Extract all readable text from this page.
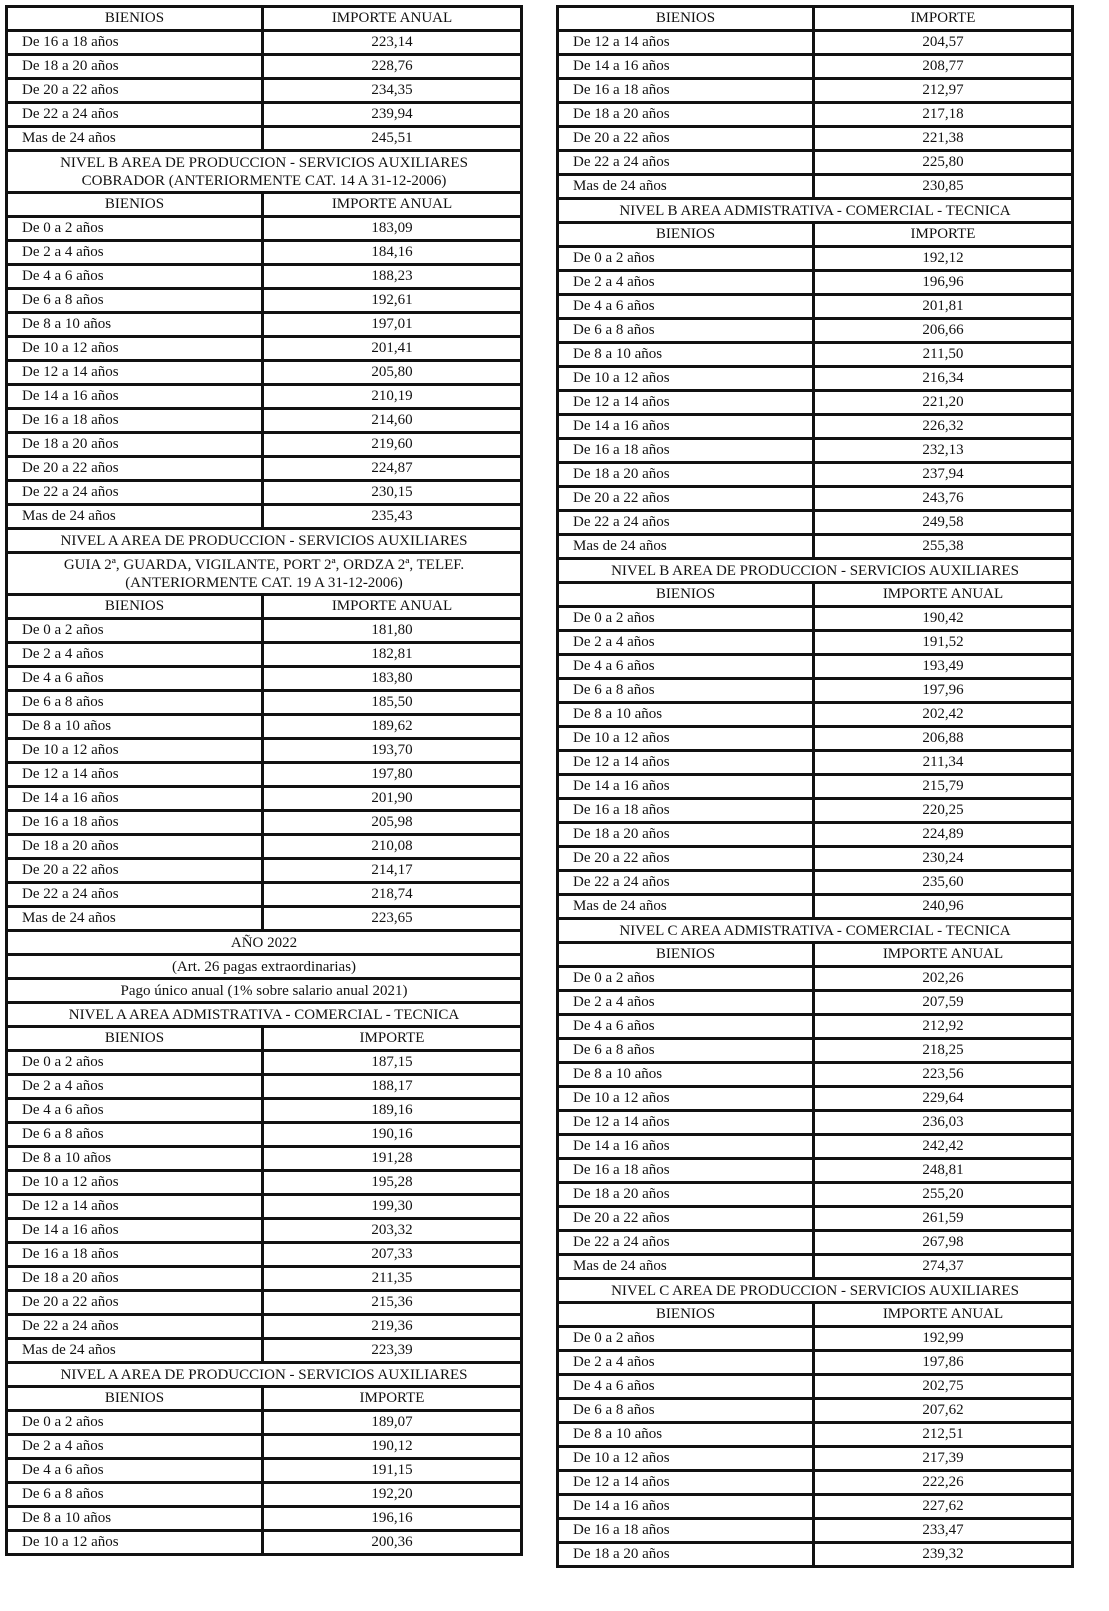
BIENIOS	IMPORTE ANUAL
De 16 a 18 años	223,14
De 18 a 20 años	228,76
De 20 a 22 años	234,35
De 22 a 24 años	239,94
Mas de 24 años	245,51
NIVEL B AREA DE PRODUCCION - SERVICIOS AUXILIARES
COBRADOR (ANTERIORMENTE CAT. 14 A 31-12-2006)
BIENIOS	IMPORTE ANUAL
De 0 a 2 años	183,09
De 2 a 4 años	184,16
De 4 a 6 años	188,23
De 6 a 8 años	192,61
De 8 a 10 años	197,01
De 10 a 12 años	201,41
De 12 a 14 años	205,80
De 14 a 16 años	210,19
De 16 a 18 años	214,60
De 18 a 20 años	219,60
De 20 a 22 años	224,87
De 22 a 24 años	230,15
Mas de 24 años	235,43
NIVEL A AREA DE PRODUCCION - SERVICIOS AUXILIARES
GUIA 2ª, GUARDA, VIGILANTE, PORT 2ª, ORDZA 2ª, TELEF.
(ANTERIORMENTE CAT. 19 A 31-12-2006)
BIENIOS	IMPORTE ANUAL
De 0 a 2 años	181,80
De 2 a 4 años	182,81
De 4 a 6 años	183,80
De 6 a 8 años	185,50
De 8 a 10 años	189,62
De 10 a 12 años	193,70
De 12 a 14 años	197,80
De 14 a 16 años	201,90
De 16 a 18 años	205,98
De 18 a 20 años	210,08
De 20 a 22 años	214,17
De 22 a 24 años	218,74
Mas de 24 años	223,65
AÑO 2022
(Art. 26 pagas extraordinarias)
Pago único anual (1% sobre salario anual 2021)
NIVEL A AREA ADMISTRATIVA - COMERCIAL - TECNICA
BIENIOS	IMPORTE
De 0 a 2 años	187,15
De 2 a 4 años	188,17
De 4 a 6 años	189,16
De 6 a 8 años	190,16
De 8 a 10 años	191,28
De 10 a 12 años	195,28
De 12 a 14 años	199,30
De 14 a 16 años	203,32
De 16 a 18 años	207,33
De 18 a 20 años	211,35
De 20 a 22 años	215,36
De 22 a 24 años	219,36
Mas de 24 años	223,39
NIVEL A AREA DE PRODUCCION - SERVICIOS AUXILIARES
BIENIOS	IMPORTE
De 0 a 2 años	189,07
De 2 a 4 años	190,12
De 4 a 6 años	191,15
De 6 a 8 años	192,20
De 8 a 10 años	196,16
De 10 a 12 años	200,36
BIENIOS	IMPORTE
De 12 a 14 años	204,57
De 14 a 16 años	208,77
De 16 a 18 años	212,97
De 18 a 20 años	217,18
De 20 a 22 años	221,38
De 22 a 24 años	225,80
Mas de 24 años	230,85
NIVEL B AREA ADMISTRATIVA - COMERCIAL - TECNICA
BIENIOS	IMPORTE
De 0 a 2 años	192,12
De 2 a 4 años	196,96
De 4 a 6 años	201,81
De 6 a 8 años	206,66
De 8 a 10 años	211,50
De 10 a 12 años	216,34
De 12 a 14 años	221,20
De 14 a 16 años	226,32
De 16 a 18 años	232,13
De 18 a 20 años	237,94
De 20 a 22 años	243,76
De 22 a 24 años	249,58
Mas de 24 años	255,38
NIVEL B AREA DE PRODUCCION - SERVICIOS AUXILIARES
BIENIOS	IMPORTE ANUAL
De 0 a 2 años	190,42
De 2 a 4 años	191,52
De 4 a 6 años	193,49
De 6 a 8 años	197,96
De 8 a 10 años	202,42
De 10 a 12 años	206,88
De 12 a 14 años	211,34
De 14 a 16 años	215,79
De 16 a 18 años	220,25
De 18 a 20 años	224,89
De 20 a 22 años	230,24
De 22 a 24 años	235,60
Mas de 24 años	240,96
NIVEL C AREA ADMISTRATIVA - COMERCIAL - TECNICA
BIENIOS	IMPORTE ANUAL
De 0 a 2 años	202,26
De 2 a 4 años	207,59
De 4 a 6 años	212,92
De 6 a 8 años	218,25
De 8 a 10 años	223,56
De 10 a 12 años	229,64
De 12 a 14 años	236,03
De 14 a 16 años	242,42
De 16 a 18 años	248,81
De 18 a 20 años	255,20
De 20 a 22 años	261,59
De 22 a 24 años	267,98
Mas de 24 años	274,37
NIVEL C AREA DE PRODUCCION - SERVICIOS AUXILIARES
BIENIOS	IMPORTE ANUAL
De 0 a 2 años	192,99
De 2 a 4 años	197,86
De 4 a 6 años	202,75
De 6 a 8 años	207,62
De 8 a 10 años	212,51
De 10 a 12 años	217,39
De 12 a 14 años	222,26
De 14 a 16 años	227,62
De 16 a 18 años	233,47
De 18 a 20 años	239,32
